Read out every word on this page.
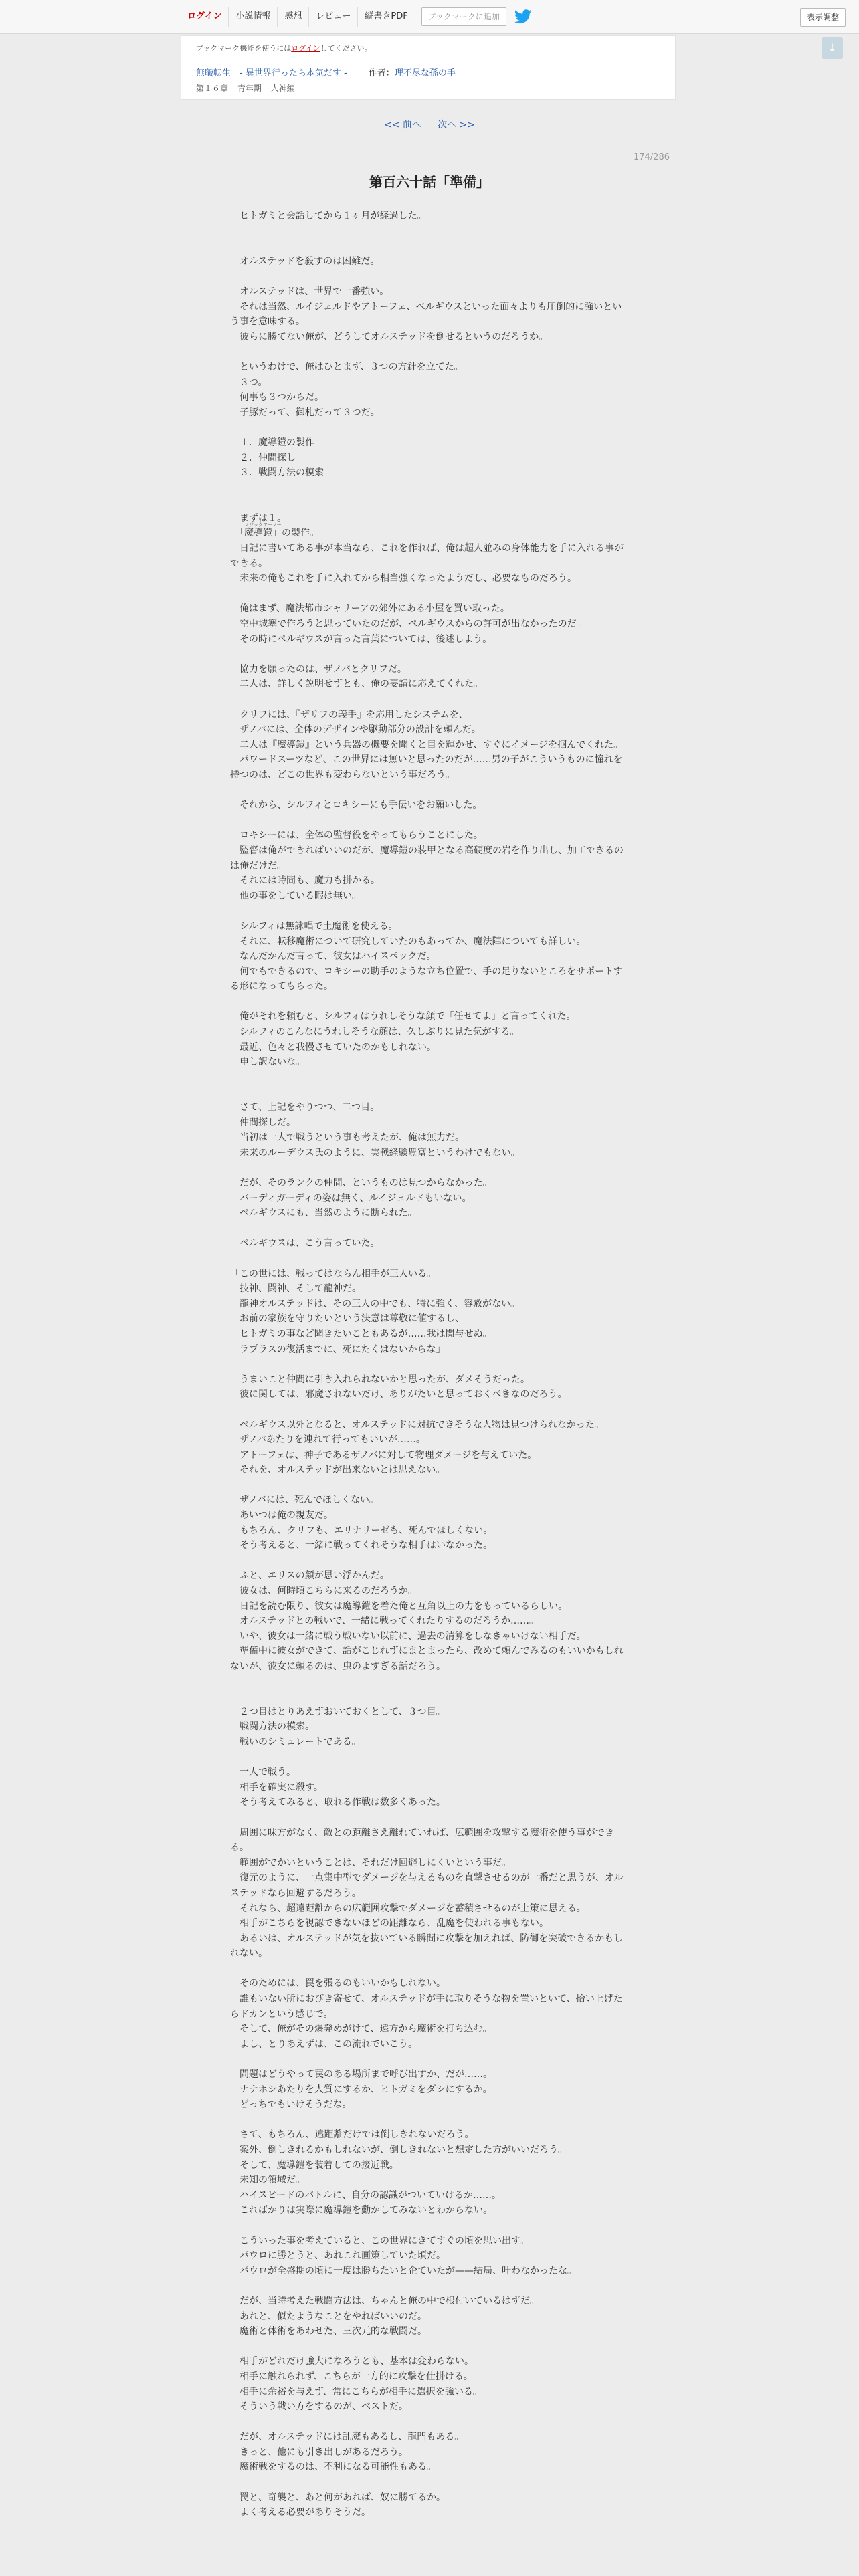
ログイン	小説情報	感想	レビュー	縦書きPDF	ブックマークに追加	表示調整
↓
ブックマーク機能を使うにはログインしてください。
無職転生　- 異世界行ったら本気だす - 作者：理不尽な孫の手
第１６章 青年期 人神編
<< 前へ 次へ >>
174/286
第百六十話「準備」

　ヒトガミと会話してから１ヶ月が経過した。

　オルステッドを殺すのは困難だ。

　オルステッドは、世界で一番強い。

　それは当然、ルイジェルドやアトーフェ、ベルギウスといった面々よりも圧倒的に強いという事を意味する。

　彼らに勝てない俺が、どうしてオルステッドを倒せるというのだろうか。

　というわけで、俺はひとまず、３つの方針を立てた。

　３つ。

　何事も３つからだ。

　子豚だって、御札だって３つだ。

　１．魔導鎧の製作

　２．仲間探し

　３．戦闘方法の模索

　まずは１。

　「
マジックアーマー
魔導鎧」の製作。

　日記に書いてある事が本当なら、これを作れば、俺は超人並みの身体能力を手に入れる事ができる。

　未来の俺もこれを手に入れてから相当強くなったようだし、必要なものだろう。

　俺はまず、魔法都市シャリーアの郊外にある小屋を買い取った。

　空中城塞で作ろうと思っていたのだが、ペルギウスからの許可が出なかったのだ。

　その時にペルギウスが言った言葉については、後述しよう。

　協力を願ったのは、ザノバとクリフだ。

　二人は、詳しく説明せずとも、俺の要請に応えてくれた。

　クリフには、『ザリフの義手』を応用したシステムを、

　ザノバには、全体のデザインや駆動部分の設計を頼んだ。

　二人は『魔導鎧』という兵器の概要を聞くと目を輝かせ、すぐにイメージを掴んでくれた。

　パワードスーツなど、この世界には無いと思ったのだが……男の子がこういうものに憧れを持つのは、どこの世界も変わらないという事だろう。

　それから、シルフィとロキシーにも手伝いをお願いした。

　ロキシーには、全体の監督役をやってもらうことにした。

　監督は俺ができればいいのだが、魔導鎧の装甲となる高硬度の岩を作り出し、加工できるのは俺だけだ。

　それには時間も、魔力も掛かる。

　他の事をしている暇は無い。

　シルフィは無詠唱で土魔術を使える。

　それに、転移魔術について研究していたのもあってか、魔法陣についても詳しい。

　なんだかんだ言って、彼女はハイスペックだ。

　何でもできるので、ロキシーの助手のような立ち位置で、手の足りないところをサポートする形になってもらった。

　俺がそれを頼むと、シルフィはうれしそうな顔で「任せてよ」と言ってくれた。

　シルフィのこんなにうれしそうな顔は、久しぶりに見た気がする。

　最近、色々と我慢させていたのかもしれない。

　申し訳ないな。

　さて、上記をやりつつ、二つ目。

　仲間探しだ。

　当初は一人で戦うという事も考えたが、俺は無力だ。

　未来のルーデウス氏のように、実戦経験豊富というわけでもない。

　だが、そのランクの仲間、というものは見つからなかった。

　バーディガーディの姿は無く、ルイジェルドもいない。

　ペルギウスにも、当然のように断られた。

　ペルギウスは、こう言っていた。

「この世には、戦ってはならん相手が三人いる。

　技神、闘神、そして龍神だ。

　龍神オルステッドは、その三人の中でも、特に強く、容赦がない。

　お前の家族を守りたいという決意は尊敬に値するし、

　ヒトガミの事など聞きたいこともあるが……我は関与せぬ。

　ラプラスの復活までに、死にたくはないからな」

　うまいこと仲間に引き入れられないかと思ったが、ダメそうだった。

　彼に関しては、邪魔されないだけ、ありがたいと思っておくべきなのだろう。

　ペルギウス以外となると、オルステッドに対抗できそうな人物は見つけられなかった。

　ザノバあたりを連れて行ってもいいが……。

　アトーフェは、神子であるザノバに対して物理ダメージを与えていた。

　それを、オルステッドが出来ないとは思えない。

　ザノバには、死んでほしくない。

　あいつは俺の親友だ。

　もちろん、クリフも、エリナリーゼも、死んでほしくない。

　そう考えると、一緒に戦ってくれそうな相手はいなかった。

　ふと、エリスの顔が思い浮かんだ。

　彼女は、何時頃こちらに来るのだろうか。

　日記を読む限り、彼女は魔導鎧を着た俺と互角以上の力をもっているらしい。

　オルステッドとの戦いで、一緒に戦ってくれたりするのだろうか……。

　いや、彼女は一緒に戦う戦いない以前に、過去の清算をしなきゃいけない相手だ。

　準備中に彼女ができて、話がこじれずにまとまったら、改めて頼んでみるのもいいかもしれないが、彼女に頼るのは、虫のよすぎる話だろう。

　２つ目はとりあえずおいておくとして、３つ目。

　戦闘方法の模索。

　戦いのシミュレートである。

　一人で戦う。

　相手を確実に殺す。

　そう考えてみると、取れる作戦は数多くあった。

　周囲に味方がなく、敵との距離さえ離れていれば、広範囲を攻撃する魔術を使う事ができる。

　範囲がでかいということは、それだけ回避しにくいという事だ。

　復元のように、一点集中型でダメージを与えるものを直撃させるのが一番だと思うが、オルステッドなら回避するだろう。

　それなら、超遠距離からの広範囲攻撃でダメージを蓄積させるのが上策に思える。

　相手がこちらを視認できないほどの距離なら、乱魔を使われる事もない。

　あるいは、オルステッドが気を抜いている瞬間に攻撃を加えれば、防御を突破できるかもしれない。

　そのためには、罠を張るのもいいかもしれない。

　誰もいない所におびき寄せて、オルステッドが手に取りそうな物を置いといて、拾い上げたらドカンという感じで。

　そして、俺がその爆発めがけて、遠方から魔術を打ち込む。

　よし、とりあえずは、この流れでいこう。

　問題はどうやって罠のある場所まで呼び出すか、だが……。

　ナナホシあたりを人質にするか、ヒトガミをダシにするか。

　どっちでもいけそうだな。

　さて、もちろん、遠距離だけでは倒しきれないだろう。

　案外、倒しきれるかもしれないが、倒しきれないと想定した方がいいだろう。

　そして、魔導鎧を装着しての接近戦。

　未知の領域だ。

　ハイスピードのバトルに、自分の認識がついていけるか……。

　こればかりは実際に魔導鎧を動かしてみないとわからない。

　こういった事を考えていると、この世界にきてすぐの頃を思い出す。

　パウロに勝とうと、あれこれ画策していた頃だ。

　パウロが全盛期の頃に一度は勝ちたいと企ていたが——結局、叶わなかったな。

　だが、当時考えた戦闘方法は、ちゃんと俺の中で根付いているはずだ。

　あれと、似たようなことをやればいいのだ。

　魔術と体術をあわせた、三次元的な戦闘だ。

　相手がどれだけ強大になろうとも、基本は変わらない。

　相手に触れられず、こちらが一方的に攻撃を仕掛ける。

　相手に余裕を与えず、常にこちらが相手に選択を強いる。

　そういう戦い方をするのが、ベストだ。

　だが、オルステッドには乱魔もあるし、龍門もある。

　きっと、他にも引き出しがあるだろう。

　魔術戦をするのは、不利になる可能性もある。

　罠と、奇襲と、あと何があれば、奴に勝てるか。

　よく考える必要がありそうだ。
